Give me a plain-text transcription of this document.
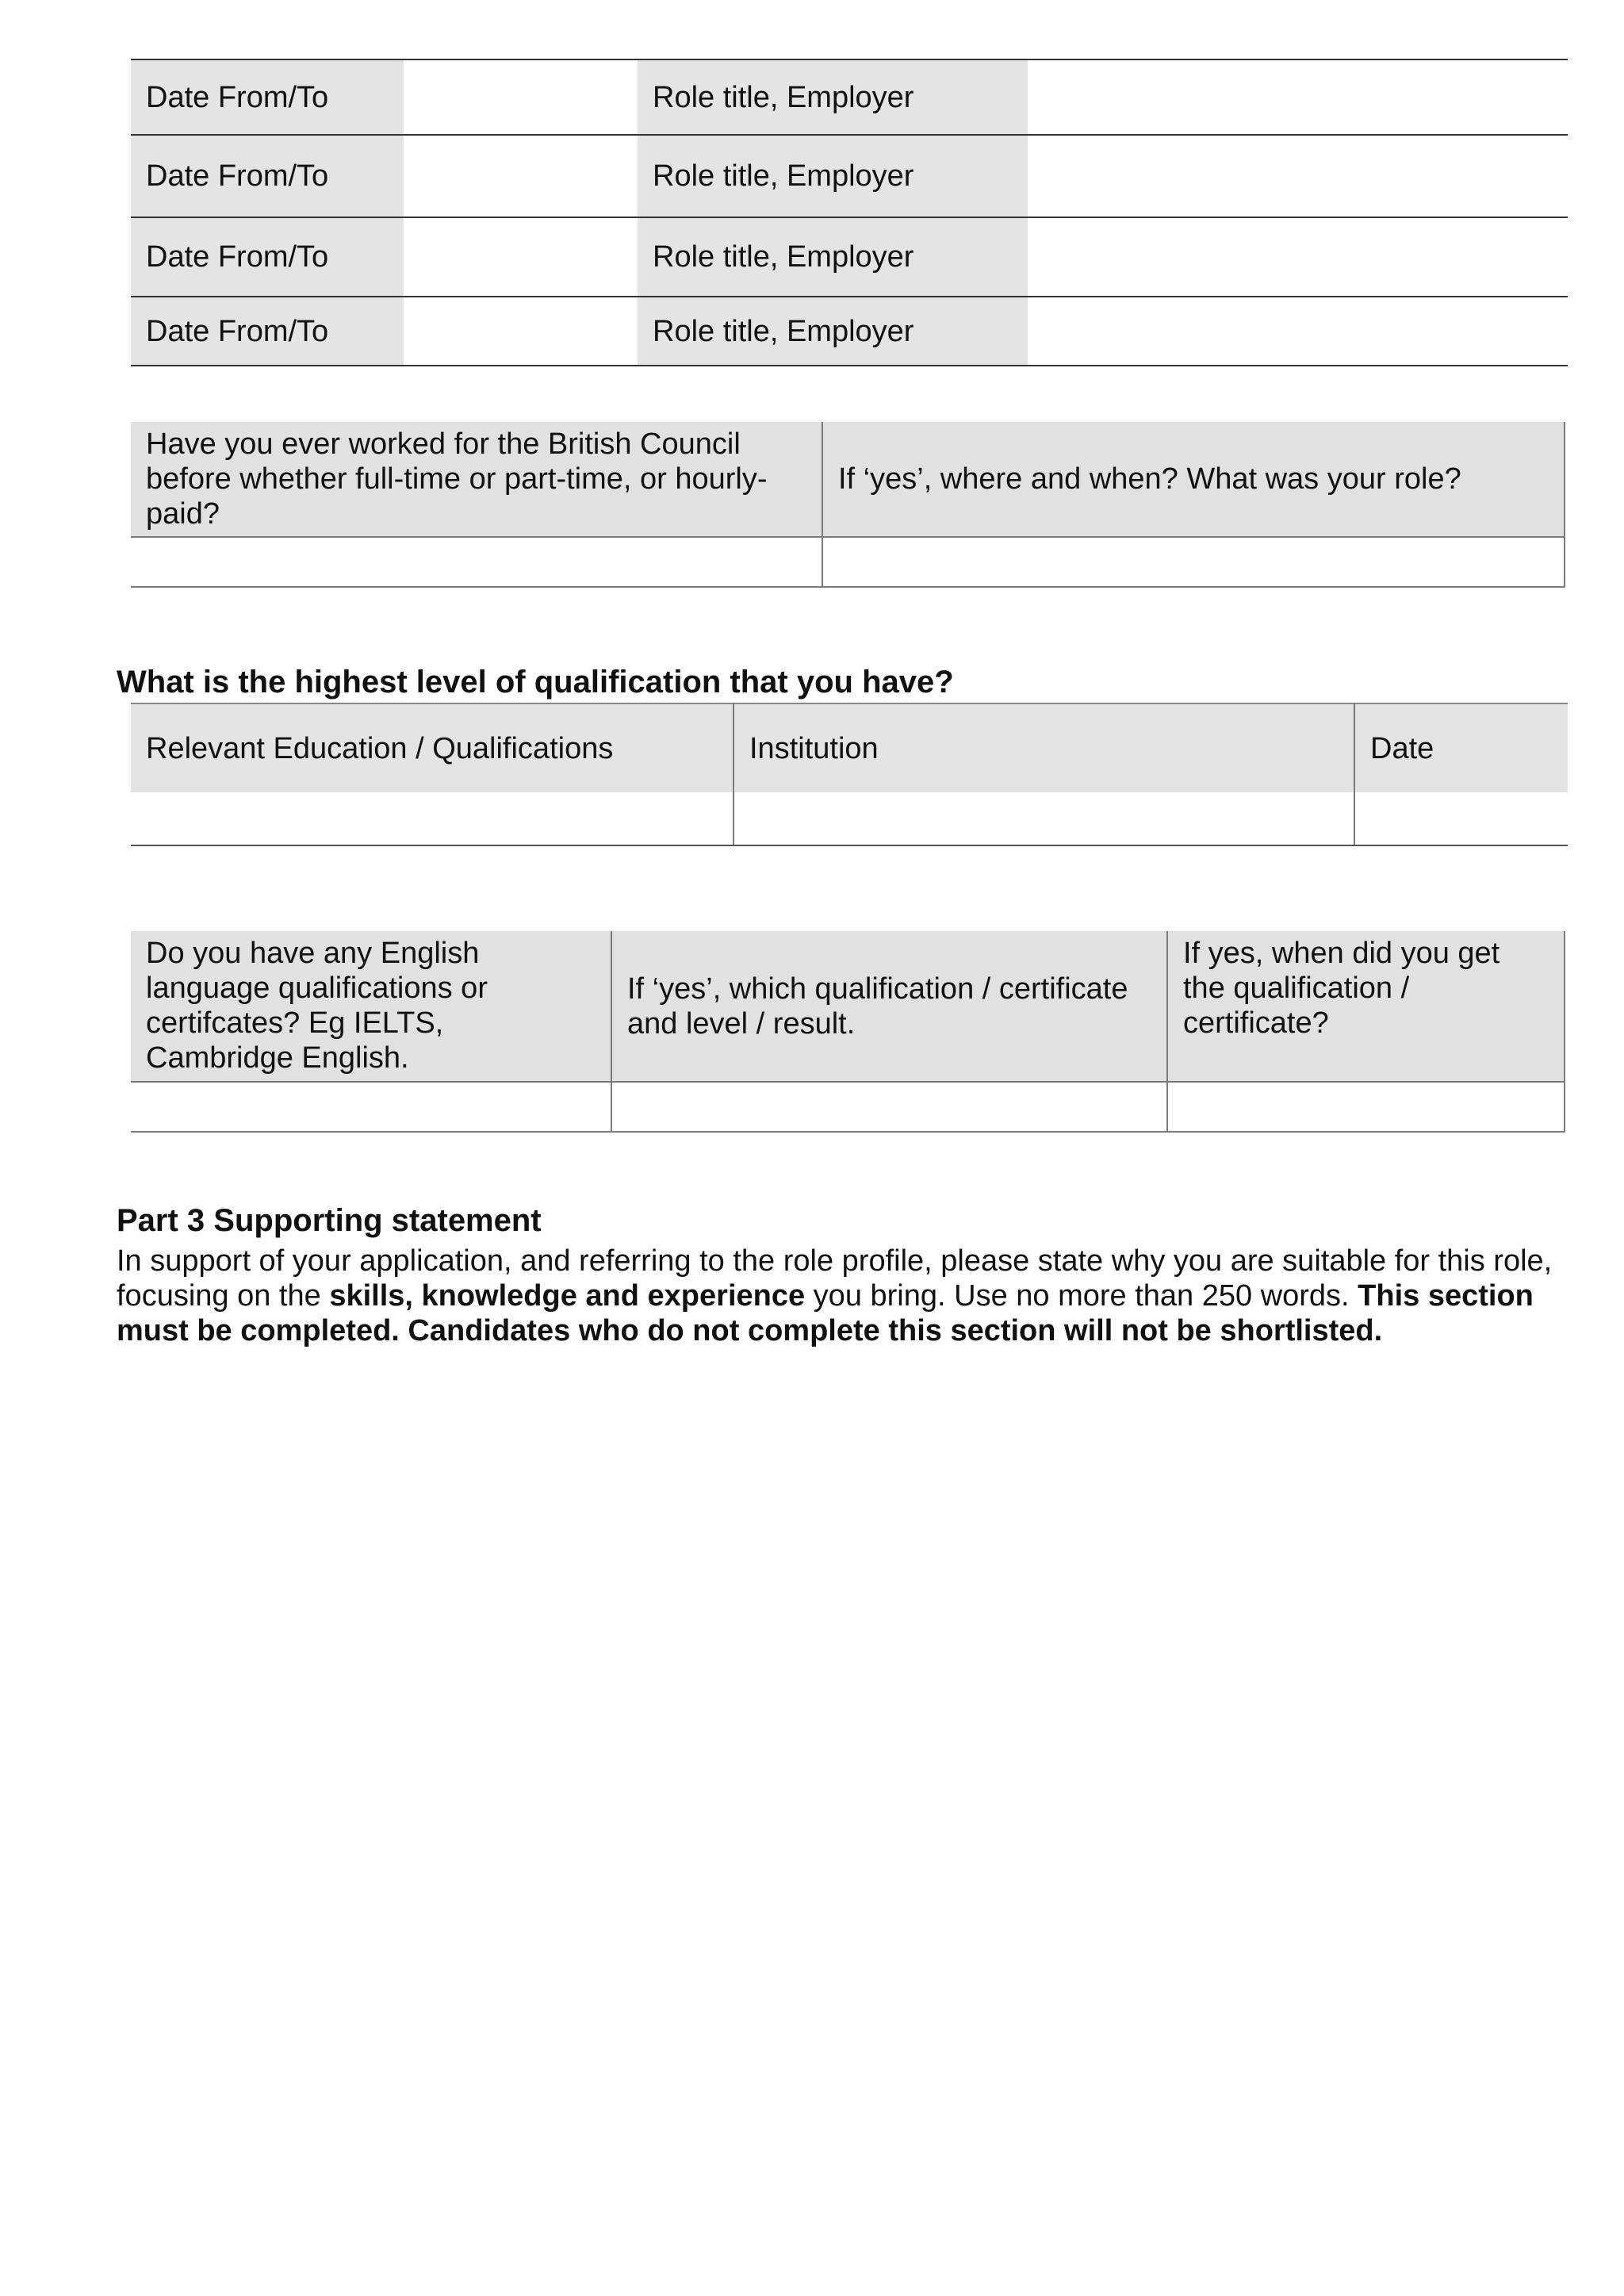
Date From/To		Role title, Employer	
Date From/To		Role title, Employer	
Date From/To		Role title, Employer	
Date From/To		Role title, Employer	
Have you ever worked for the British Council before whether full-time or part-time, or hourly-paid?	If ‘yes’, where and when? What was your role?

What is the highest level of qualification that you have?
Relevant Education / Qualifications	Institution	Date

Do you have any English language qualifications or certifcates? Eg IELTS, Cambridge English.	If ‘yes’, which qualification / certificate and level / result.	If yes, when did you get the qualification / certificate?

Part 3 Supporting statement
In support of your application, and referring to the role profile, please state why you are suitable for this role, focusing on the skills, knowledge and experience you bring. Use no more than 250 words. This section must be completed. Candidates who do not complete this section will not be shortlisted.
